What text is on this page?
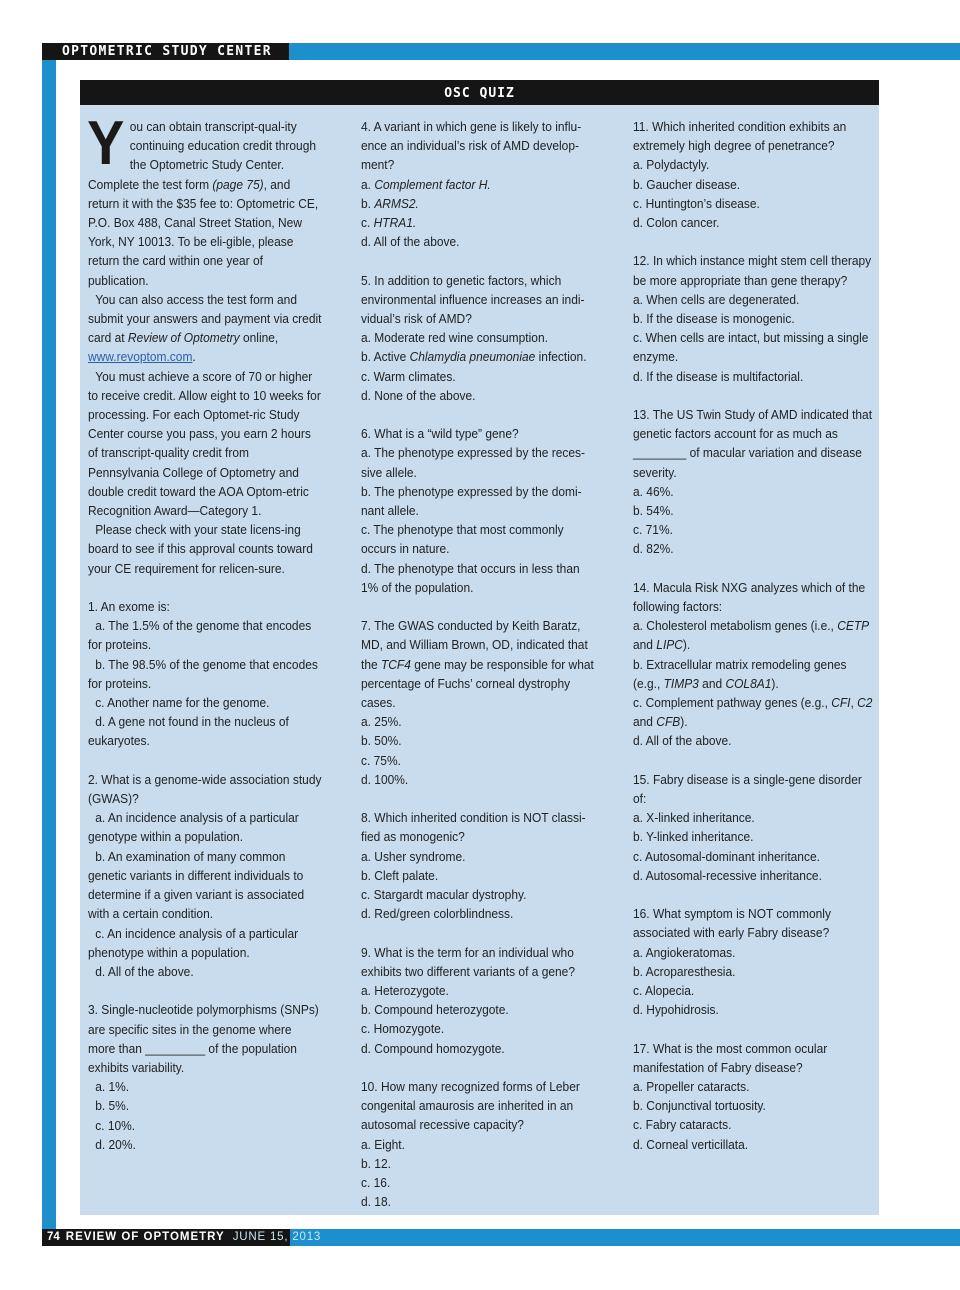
OPTOMETRIC STUDY CENTER
74 REVIEW OF OPTOMETRY JUNE 15, 2013
OSC QUIZ

You can obtain transcript-qual-ity continuing education credit through the Optometric Study Center. Complete the test form (page 75), and return it with the $35 fee to: Optometric CE, P.O. Box 488, Canal Street Station, New York, NY 10013. To be eli-gible, please return the card within one year of publication.

You can also access the test form and submit your answers and payment via credit card at Review of Optometry online, www.revoptom.com.

You must achieve a score of 70 or higher to receive credit. Allow eight to 10 weeks for processing. For each Optomet-ric Study Center course you pass, you earn 2 hours of transcript-quality credit from Pennsylvania College of Optometry and double credit toward the AOA Optom-etric Recognition Award—Category 1.

Please check with your state licens-ing board to see if this approval counts toward your CE requirement for relicen-sure.

1. An exome is:

a. The 1.5% of the genome that encodes for proteins.

b. The 98.5% of the genome that encodes for proteins.

c. Another name for the genome.

d. A gene not found in the nucleus of eukaryotes.

2. What is a genome-wide association study (GWAS)?

a. An incidence analysis of a particular genotype within a population.

b. An examination of many common genetic variants in different individuals to determine if a given variant is associated with a certain condition.

c. An incidence analysis of a particular phenotype within a population.

d. All of the above.

3. Single-nucleotide polymorphisms (SNPs) are specific sites in the genome where more than _________ of the population exhibits variability.

a. 1%.

b. 5%.

c. 10%.

d. 20%.

4. A variant in which gene is likely to influ-ence an individual’s risk of AMD develop-ment?

a. Complement factor H.

b. ARMS2.

c. HTRA1.

d. All of the above.

5. In addition to genetic factors, which environmental influence increases an indi-vidual’s risk of AMD?

a. Moderate red wine consumption.

b. Active Chlamydia pneumoniae infection.

c. Warm climates.

d. None of the above.

6. What is a “wild type” gene?

a. The phenotype expressed by the reces-sive allele.

b. The phenotype expressed by the domi-nant allele.

c. The phenotype that most commonly occurs in nature.

d. The phenotype that occurs in less than 1% of the population.

7. The GWAS conducted by Keith Baratz, MD, and William Brown, OD, indicated that the TCF4 gene may be responsible for what percentage of Fuchs’ corneal dystrophy cases.

a. 25%.

b. 50%.

c. 75%.

d. 100%.

8. Which inherited condition is NOT classi-fied as monogenic?

a. Usher syndrome.

b. Cleft palate.

c. Stargardt macular dystrophy.

d. Red/green colorblindness.

9. What is the term for an individual who exhibits two different variants of a gene?

a. Heterozygote.

b. Compound heterozygote.

c. Homozygote.

d. Compound homozygote.

10. How many recognized forms of Leber congenital amaurosis are inherited in an autosomal recessive capacity?

a. Eight.

b. 12.

c. 16.

d. 18.

11. Which inherited condition exhibits an extremely high degree of penetrance?

a. Polydactyly.

b. Gaucher disease.

c. Huntington’s disease.

d. Colon cancer.

12. In which instance might stem cell therapy be more appropriate than gene therapy?

a. When cells are degenerated.

b. If the disease is monogenic.

c. When cells are intact, but missing a single enzyme.

d. If the disease is multifactorial.

13. The US Twin Study of AMD indicated that genetic factors account for as much as ________ of macular variation and disease severity.

a. 46%.

b. 54%.

c. 71%.

d. 82%.

14. Macula Risk NXG analyzes which of the following factors:

a. Cholesterol metabolism genes (i.e., CETP and LIPC).

b. Extracellular matrix remodeling genes (e.g., TIMP3 and COL8A1).

c. Complement pathway genes (e.g., CFI, C2 and CFB).

d. All of the above.

15. Fabry disease is a single-gene disorder of:

a. X-linked inheritance.

b. Y-linked inheritance.

c. Autosomal-dominant inheritance.

d. Autosomal-recessive inheritance.

16. What symptom is NOT commonly associated with early Fabry disease?

a. Angiokeratomas.

b. Acroparesthesia.

c. Alopecia.

d. Hypohidrosis.

17. What is the most common ocular manifestation of Fabry disease?

a. Propeller cataracts.

b. Conjunctival tortuosity.

c. Fabry cataracts.

d. Corneal verticillata.
